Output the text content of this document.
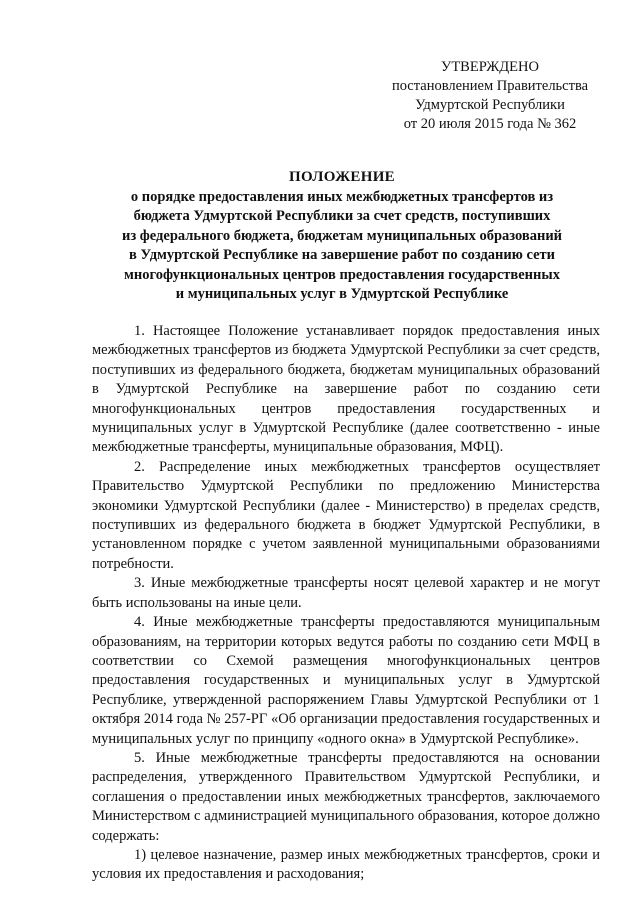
УТВЕРЖДЕНО
постановлением Правительства
Удмуртской Республики
от 20 июля 2015 года № 362
ПОЛОЖЕНИЕ
о порядке предоставления иных межбюджетных трансфертов из
бюджета Удмуртской Республики за счет средств, поступивших
из федерального бюджета, бюджетам муниципальных образований
в Удмуртской Республике на завершение работ по созданию сети
многофункциональных центров предоставления государственных
и муниципальных услуг в Удмуртской Республике

1. Настоящее Положение устанавливает порядок предоставления иных межбюджетных трансфертов из бюджета Удмуртской Республики за счет средств, поступивших из федерального бюджета, бюджетам муниципальных образований в Удмуртской Республике на завершение работ по созданию сети многофункциональных центров предоставления государственных и муниципальных услуг в Удмуртской Республике (далее соответственно - иные межбюджетные трансферты, муниципальные образования, МФЦ).

2. Распределение иных межбюджетных трансфертов осуществляет Правительство Удмуртской Республики по предложению Министерства экономики Удмуртской Республики (далее - Министерство) в пределах средств, поступивших из федерального бюджета в бюджет Удмуртской Республики, в установленном порядке с учетом заявленной муниципальными образованиями потребности.

3. Иные межбюджетные трансферты носят целевой характер и не могут быть использованы на иные цели.

4. Иные межбюджетные трансферты предоставляются муниципальным образованиям, на территории которых ведутся работы по созданию сети МФЦ в соответствии со Схемой размещения многофункциональных центров предоставления государственных и муниципальных услуг в Удмуртской Республике, утвержденной распоряжением Главы Удмуртской Республики от 1 октября 2014 года № 257-РГ «Об организации предоставления государственных и муниципальных услуг по принципу «одного окна» в Удмуртской Республике».

5. Иные межбюджетные трансферты предоставляются на основании распределения, утвержденного Правительством Удмуртской Республики, и соглашения о предоставлении иных межбюджетных трансфертов, заключаемого Министерством с администрацией муниципального образования, которое должно содержать:

1) целевое назначение, размер иных межбюджетных трансфертов, сроки и условия их предоставления и расходования;
